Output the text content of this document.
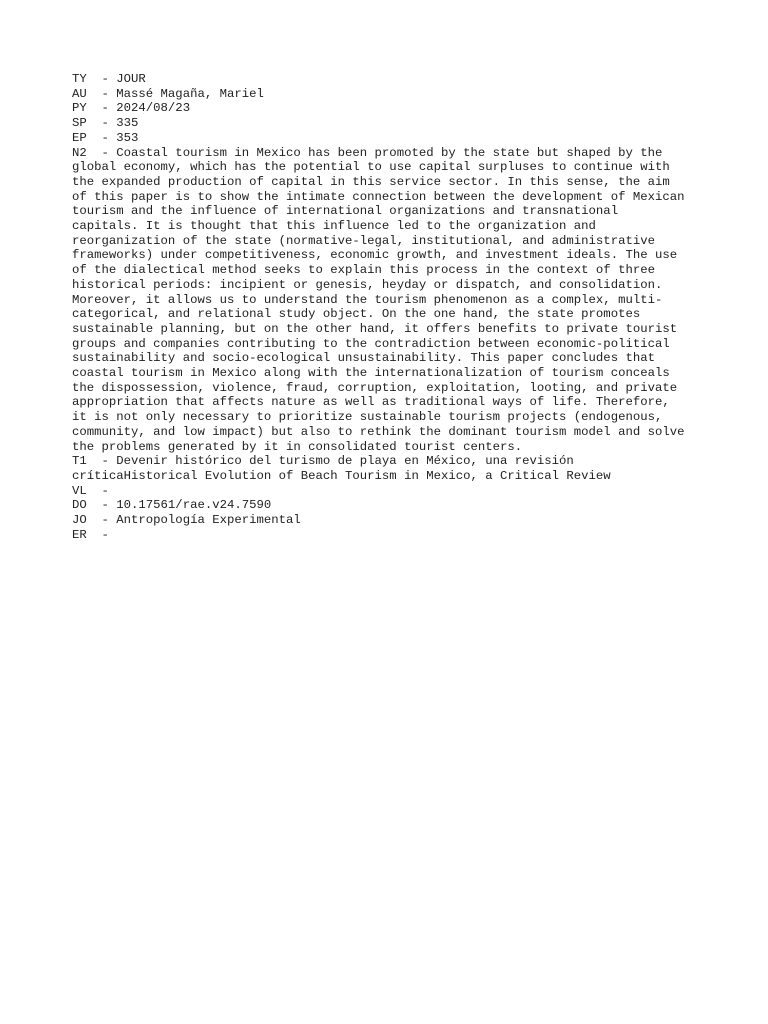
TY  - JOUR
AU  - Massé Magaña, Mariel
PY  - 2024/08/23
SP  - 335
EP  - 353
N2  - Coastal tourism in Mexico has been promoted by the state but shaped by the
global economy, which has the potential to use capital surpluses to continue with
the expanded production of capital in this service sector. In this sense, the aim
of this paper is to show the intimate connection between the development of Mexican
tourism and the influence of international organizations and transnational
capitals. It is thought that this influence led to the organization and
reorganization of the state (normative-legal, institutional, and administrative
frameworks) under competitiveness, economic growth, and investment ideals. The use
of the dialectical method seeks to explain this process in the context of three
historical periods: incipient or genesis, heyday or dispatch, and consolidation.
Moreover, it allows us to understand the tourism phenomenon as a complex, multi-
categorical, and relational study object. On the one hand, the state promotes
sustainable planning, but on the other hand, it offers benefits to private tourist
groups and companies contributing to the contradiction between economic-political
sustainability and socio-ecological unsustainability. This paper concludes that
coastal tourism in Mexico along with the internationalization of tourism conceals
the dispossession, violence, fraud, corruption, exploitation, looting, and private
appropriation that affects nature as well as traditional ways of life. Therefore,
it is not only necessary to prioritize sustainable tourism projects (endogenous,
community, and low impact) but also to rethink the dominant tourism model and solve
the problems generated by it in consolidated tourist centers.
T1  - Devenir histórico del turismo de playa en México, una revisión
críticaHistorical Evolution of Beach Tourism in Mexico, a Critical Review
VL  -
DO  - 10.17561/rae.v24.7590
JO  - Antropología Experimental
ER  -
